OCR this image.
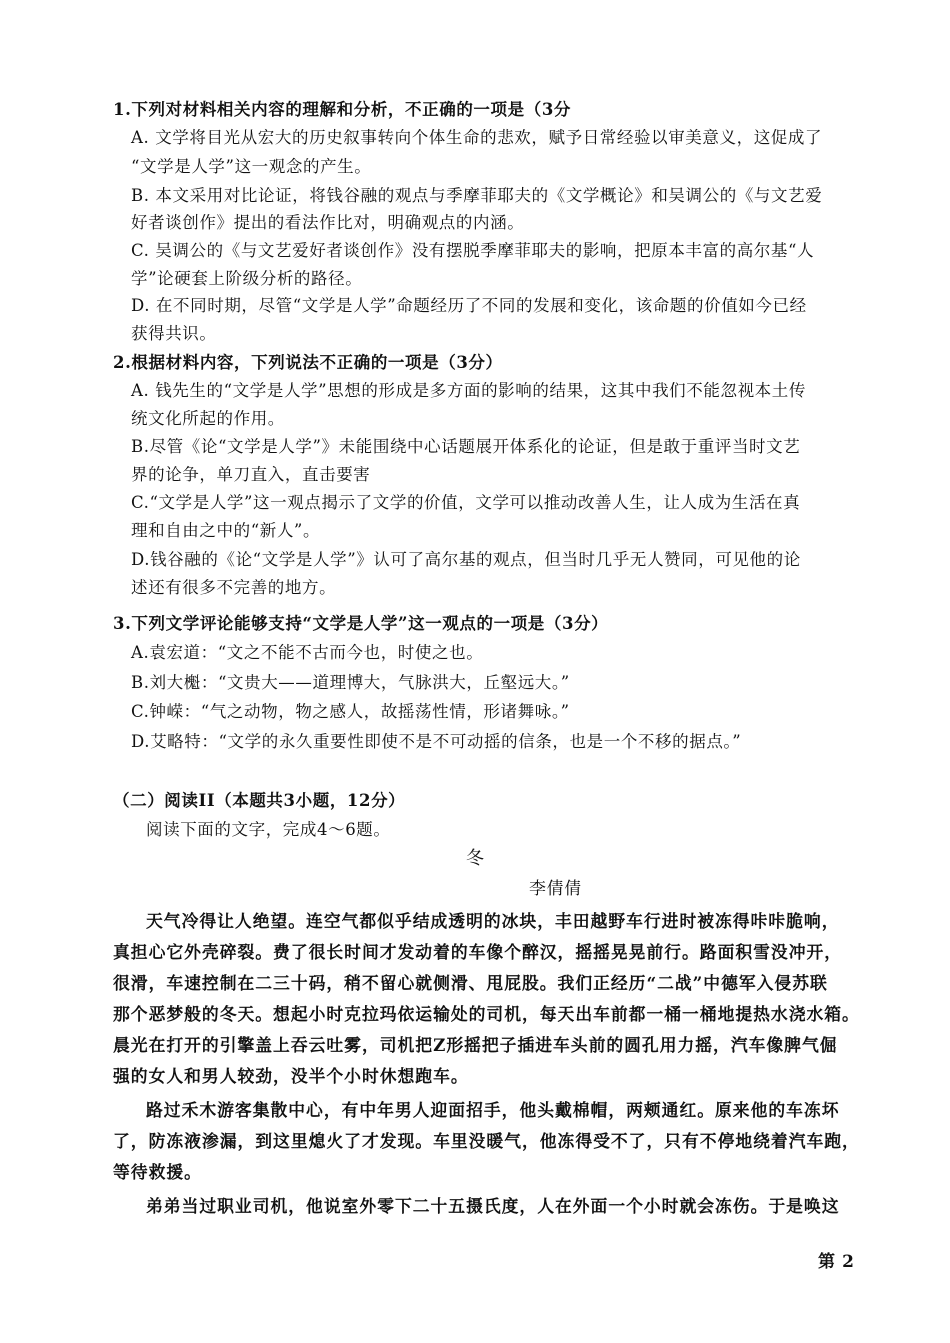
1.下列对材料相关内容的理解和分析，不正确的一项是（3分
A. 文学将目光从宏大的历史叙事转向个体生命的悲欢，赋予日常经验以审美意义，这促成了
“文学是人学”这一观念的产生。
B. 本文采用对比论证，将钱谷融的观点与季摩菲耶夫的《文学概论》和吴调公的《与文艺爱
好者谈创作》提出的看法作比对，明确观点的内涵。
C. 吴调公的《与文艺爱好者谈创作》没有摆脱季摩菲耶夫的影响，把原本丰富的高尔基“人
学”论硬套上阶级分析的路径。
D. 在不同时期，尽管“文学是人学”命题经历了不同的发展和变化，该命题的价值如今已经
获得共识。
2.根据材料内容，下列说法不正确的一项是（3分）
A. 钱先生的“文学是人学”思想的形成是多方面的影响的结果，这其中我们不能忽视本土传
统文化所起的作用。
B.尽管《论“文学是人学”》未能围绕中心话题展开体系化的论证，但是敢于重评当时文艺
界的论争，单刀直入，直击要害
C.“文学是人学”这一观点揭示了文学的价值，文学可以推动改善人生，让人成为生活在真
理和自由之中的“新人”。
D.钱谷融的《论“文学是人学”》认可了高尔基的观点，但当时几乎无人赞同，可见他的论
述还有很多不完善的地方。
3.下列文学评论能够支持“文学是人学”这一观点的一项是（3分）
A.袁宏道：“文之不能不古而今也，时使之也。
B.刘大櫆：“文贵大——道理博大，气脉洪大，丘壑远大。”
C.钟嵘：“气之动物，物之感人，故摇荡性情，形诸舞咏。”
D.艾略特：“文学的永久重要性即使不是不可动摇的信条，也是一个不移的据点。”
（二）阅读II（本题共3小题，12分）
阅读下面的文字，完成4～6题。
冬
李倩倩
天气冷得让人绝望。连空气都似乎结成透明的冰块，丰田越野车行进时被冻得咔咔脆响，
真担心它外壳碎裂。费了很长时间才发动着的车像个醉汉，摇摇晃晃前行。路面积雪没冲开，
很滑，车速控制在二三十码，稍不留心就侧滑、甩屁股。我们正经历“二战”中德军入侵苏联
那个恶梦般的冬天。想起小时克拉玛依运输处的司机，每天出车前都一桶一桶地提热水浇水箱。
晨光在打开的引擎盖上吞云吐雾，司机把Z形摇把子插进车头前的圆孔用力摇，汽车像脾气倔
强的女人和男人较劲，没半个小时休想跑车。
路过禾木游客集散中心，有中年男人迎面招手，他头戴棉帽，两颊通红。原来他的车冻坏
了，防冻液渗漏，到这里熄火了才发现。车里没暖气，他冻得受不了，只有不停地绕着汽车跑，
等待救援。
弟弟当过职业司机，他说室外零下二十五摄氏度，人在外面一个小时就会冻伤。于是唤这
第 2
